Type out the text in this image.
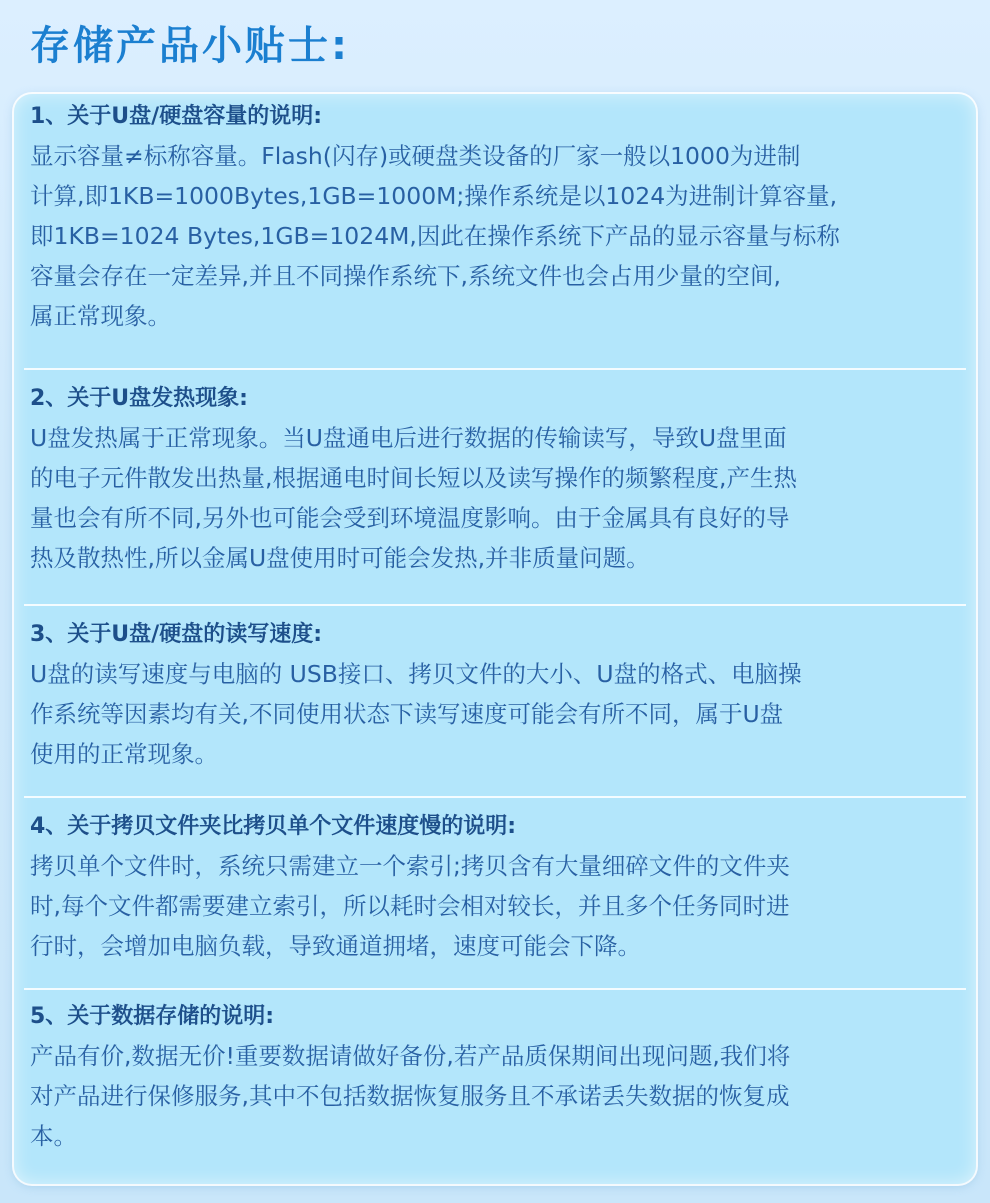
存储产品小贴士:
1、关于U盘/硬盘容量的说明:

显示容量≠标称容量。Flash(闪存)或硬盘类设备的厂家一般以1000为进制
计算,即1KB=1000Bytes,1GB=1000M;操作系统是以1024为进制计算容量,
即1KB=1024 Bytes,1GB=1024M,因此在操作系统下产品的显示容量与标称
容量会存在一定差异,并且不同操作系统下,系统文件也会占用少量的空间,
属正常现象。

2、关于U盘发热现象:

U盘发热属于正常现象。当U盘通电后进行数据的传输读写，导致U盘里面
的电子元件散发出热量,根据通电时间长短以及读写操作的频繁程度,产生热
量也会有所不同,另外也可能会受到环境温度影响。由于金属具有良好的导
热及散热性,所以金属U盘使用时可能会发热,并非质量问题。

3、关于U盘/硬盘的读写速度:

U盘的读写速度与电脑的 USB接口、拷贝文件的大小、U盘的格式、电脑操
作系统等因素均有关,不同使用状态下读写速度可能会有所不同，属于U盘
使用的正常现象。

4、关于拷贝文件夹比拷贝单个文件速度慢的说明:

拷贝单个文件时，系统只需建立一个索引;拷贝含有大量细碎文件的文件夹
时,每个文件都需要建立索引，所以耗时会相对较长，并且多个任务同时进
行时，会增加电脑负载，导致通道拥堵，速度可能会下降。

5、关于数据存储的说明:

产品有价,数据无价!重要数据请做好备份,若产品质保期间出现问题,我们将
对产品进行保修服务,其中不包括数据恢复服务且不承诺丢失数据的恢复成
本。
